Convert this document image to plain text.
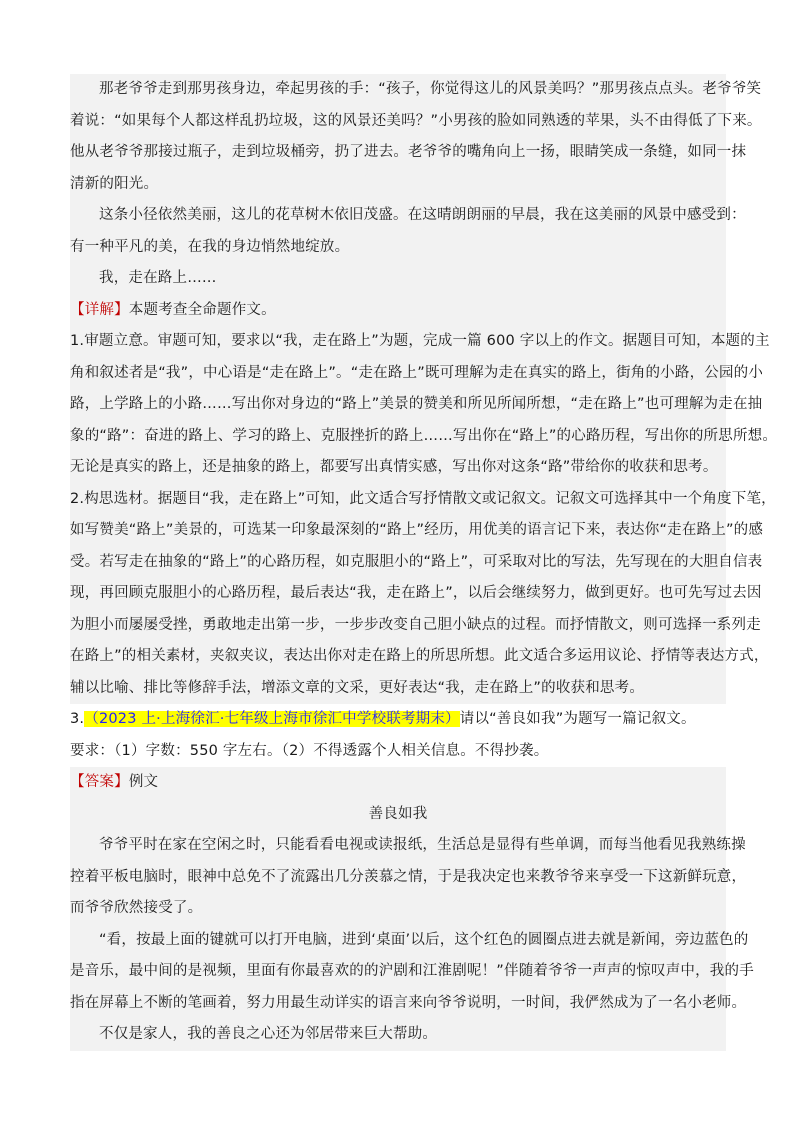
那老爷爷走到那男孩身边，牵起男孩的手：“孩子，你觉得这儿的风景美吗？”那男孩点点头。老爷爷笑
着说：“如果每个人都这样乱扔垃圾，这的风景还美吗？”小男孩的脸如同熟透的苹果，头不由得低了下来。
他从老爷爷那接过瓶子，走到垃圾桶旁，扔了进去。老爷爷的嘴角向上一扬，眼睛笑成一条缝，如同一抹
清新的阳光。
这条小径依然美丽，这儿的花草树木依旧茂盛。在这晴朗朗丽的早晨，我在这美丽的风景中感受到：
有一种平凡的美，在我的身边悄然地绽放。
我，走在路上……
【详解】本题考查全命题作文。
1.审题立意。审题可知，要求以“我，走在路上”为题，完成一篇 600 字以上的作文。据题目可知，本题的主
角和叙述者是“我”，中心语是“走在路上”。“走在路上”既可理解为走在真实的路上，街角的小路，公园的小
路，上学路上的小路……写出你对身边的“路上”美景的赞美和所见所闻所想，“走在路上”也可理解为走在抽
象的“路”：奋进的路上、学习的路上、克服挫折的路上……写出你在“路上”的心路历程，写出你的所思所想。
无论是真实的路上，还是抽象的路上，都要写出真情实感，写出你对这条“路”带给你的收获和思考。
2.构思选材。据题目“我，走在路上”可知，此文适合写抒情散文或记叙文。记叙文可选择其中一个角度下笔，
如写赞美“路上”美景的，可选某一印象最深刻的“路上”经历，用优美的语言记下来，表达你“走在路上”的感
受。若写走在抽象的“路上”的心路历程，如克服胆小的“路上”，可采取对比的写法，先写现在的大胆自信表
现，再回顾克服胆小的心路历程，最后表达“我，走在路上”，以后会继续努力，做到更好。也可先写过去因
为胆小而屡屡受挫，勇敢地走出第一步，一步步改变自己胆小缺点的过程。而抒情散文，则可选择一系列走
在路上”的相关素材，夹叙夹议，表达出你对走在路上的所思所想。此文适合多运用议论、抒情等表达方式，
辅以比喻、排比等修辞手法，增添文章的文采，更好表达“我，走在路上”的收获和思考。
3.（2023 上·上海徐汇·七年级上海市徐汇中学校联考期末）请以“善良如我”为题写一篇记叙文。
要求：（1）字数：550 字左右。（2）不得透露个人相关信息。不得抄袭。
【答案】例文
善良如我
爷爷平时在家在空闲之时，只能看看电视或读报纸，生活总是显得有些单调，而每当他看见我熟练操
控着平板电脑时，眼神中总免不了流露出几分羡慕之情，于是我决定也来教爷爷来享受一下这新鲜玩意，
而爷爷欣然接受了。
“看，按最上面的键就可以打开电脑，进到‘桌面’以后，这个红色的圆圈点进去就是新闻，旁边蓝色的
是音乐，最中间的是视频，里面有你最喜欢的的沪剧和江淮剧呢！”伴随着爷爷一声声的惊叹声中，我的手
指在屏幕上不断的笔画着，努力用最生动详实的语言来向爷爷说明，一时间，我俨然成为了一名小老师。
不仅是家人，我的善良之心还为邻居带来巨大帮助。
